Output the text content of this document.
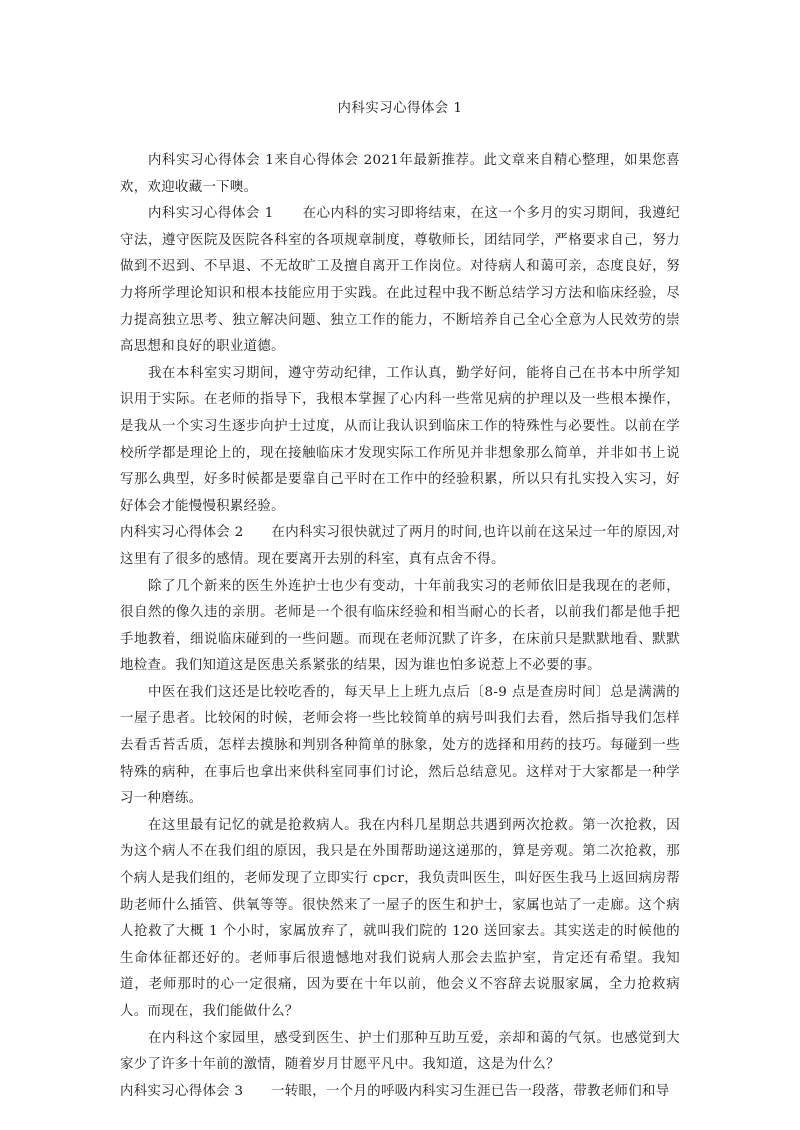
内科实习心得体会 1

内科实习心得体会 1来自心得体会 2021年最新推荐。此文章来自精心整理，如果您喜欢，欢迎收藏一下噢。

内科实习心得体会 1 在心内科的实习即将结束，在这一个多月的实习期间，我遵纪守法，遵守医院及医院各科室的各项规章制度，尊敬师长，团结同学，严格要求自己，努力做到不迟到、不早退、不无故旷工及擅自离开工作岗位。对待病人和蔼可亲，态度良好，努力将所学理论知识和根本技能应用于实践。在此过程中我不断总结学习方法和临床经验，尽力提高独立思考、独立解决问题、独立工作的能力，不断培养自己全心全意为人民效劳的崇高思想和良好的职业道德。

我在本科室实习期间，遵守劳动纪律，工作认真，勤学好问，能将自己在书本中所学知识用于实际。在老师的指导下，我根本掌握了心内科一些常见病的护理以及一些根本操作，是我从一个实习生逐步向护士过度，从而让我认识到临床工作的特殊性与必要性。以前在学校所学都是理论上的，现在接触临床才发现实际工作所见并非想象那么简单，并非如书上说写那么典型，好多时候都是要靠自己平时在工作中的经验积累，所以只有扎实投入实习，好好体会才能慢慢积累经验。

内科实习心得体会 2 在内科实习很快就过了两月的时间,也许以前在这呆过一年的原因,对这里有了很多的感情。现在要离开去别的科室，真有点舍不得。

除了几个新来的医生外连护士也少有变动，十年前我实习的老师依旧是我现在的老师，很自然的像久违的亲朋。老师是一个很有临床经验和相当耐心的长者，以前我们都是他手把手地教着，细说临床碰到的一些问题。而现在老师沉默了许多，在床前只是默默地看、默默地检查。我们知道这是医患关系紧张的结果，因为谁也怕多说惹上不必要的事。

中医在我们这还是比较吃香的，每天早上上班九点后〔8-9 点是查房时间〕总是满满的一屋子患者。比较闲的时候，老师会将一些比较简单的病号叫我们去看，然后指导我们怎样去看舌苔舌质，怎样去摸脉和判别各种简单的脉象，处方的选择和用药的技巧。每碰到一些特殊的病种，在事后也拿出来供科室同事们讨论，然后总结意见。这样对于大家都是一种学习一种磨练。

在这里最有记忆的就是抢救病人。我在内科几星期总共遇到两次抢救。第一次抢救，因为这个病人不在我们组的原因，我只是在外围帮助递这递那的，算是旁观。第二次抢救，那个病人是我们组的，老师发现了立即实行 cpcr，我负责叫医生，叫好医生我马上返回病房帮助老师什么插管、供氧等等。很快然来了一屋子的医生和护士，家属也站了一走廊。这个病人抢救了大概 1 个小时，家属放弃了，就叫我们院的 120 送回家去。其实送走的时候他的生命体征都还好的。老师事后很遗憾地对我们说病人那会去监护室，肯定还有希望。我知道，老师那时的心一定很痛，因为要在十年以前，他会义不容辞去说服家属，全力抢救病人。而现在，我们能做什么？

在内科这个家园里，感受到医生、护士们那种互助互爱，亲却和蔼的气氛。也感觉到大家少了许多十年前的激情，随着岁月甘愿平凡中。我知道，这是为什么？

内科实习心得体会 3 一转眼，一个月的呼吸内科实习生涯已告一段落，带教老师们和导
